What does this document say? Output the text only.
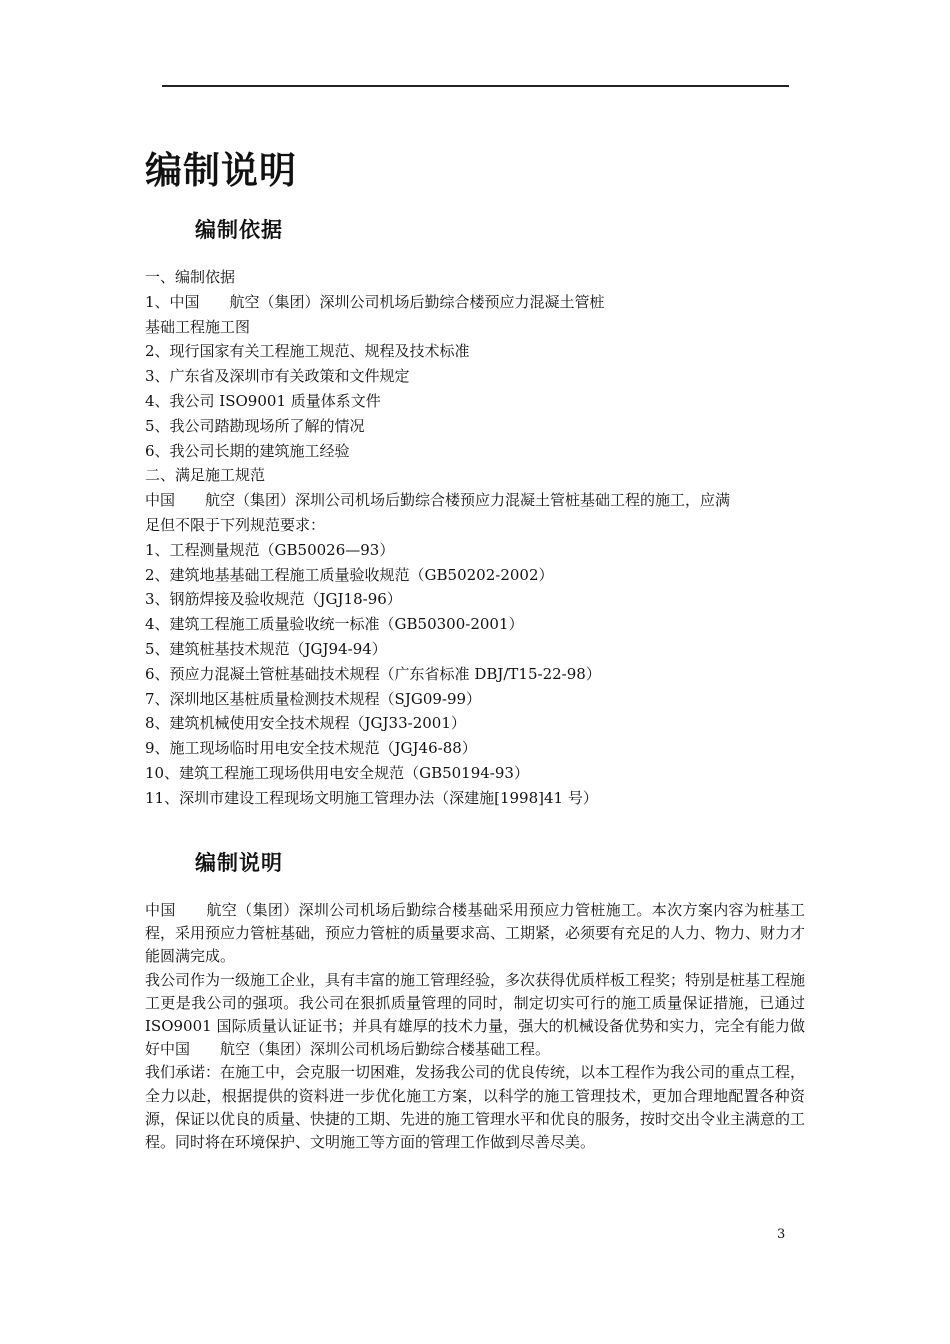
编制说明
编制依据
一、编制依据
1、中国　　航空（集团）深圳公司机场后勤综合楼预应力混凝土管桩
基础工程施工图
2、现行国家有关工程施工规范、规程及技术标准
3、广东省及深圳市有关政策和文件规定
4、我公司 ISO9001 质量体系文件
5、我公司踏勘现场所了解的情况
6、我公司长期的建筑施工经验
二、满足施工规范
中国　　航空（集团）深圳公司机场后勤综合楼预应力混凝土管桩基础工程的施工，应满
足但不限于下列规范要求：
1、工程测量规范（GB50026—93）
2、建筑地基基础工程施工质量验收规范（GB50202-2002）
3、钢筋焊接及验收规范（JGJ18-96）
4、建筑工程施工质量验收统一标准（GB50300-2001）
5、建筑桩基技术规范（JGJ94-94）
6、预应力混凝土管桩基础技术规程（广东省标准 DBJ/T15-22-98）
7、深圳地区基桩质量检测技术规程（SJG09-99）
8、建筑机械使用安全技术规程（JGJ33-2001）
9、施工现场临时用电安全技术规范（JGJ46-88）
10、建筑工程施工现场供用电安全规范（GB50194-93）
11、深圳市建设工程现场文明施工管理办法（深建施[1998]41 号）
编制说明

中国　　航空（集团）深圳公司机场后勤综合楼基础采用预应力管桩施工。本次方案内容为桩基工程，采用预应力管桩基础，预应力管桩的质量要求高、工期紧，必须要有充足的人力、物力、财力才能圆满完成。

我公司作为一级施工企业，具有丰富的施工管理经验，多次获得优质样板工程奖；特别是桩基工程施工更是我公司的强项。我公司在狠抓质量管理的同时，制定切实可行的施工质量保证措施，已通过 ISO9001 国际质量认证证书；并具有雄厚的技术力量，强大的机械设备优势和实力，完全有能力做好中国　　航空（集团）深圳公司机场后勤综合楼基础工程。

我们承诺：在施工中，会克服一切困难，发扬我公司的优良传统，以本工程作为我公司的重点工程，全力以赴，根据提供的资料进一步优化施工方案，以科学的施工管理技术，更加合理地配置各种资源，保证以优良的质量、快捷的工期、先进的施工管理水平和优良的服务，按时交出令业主满意的工程。同时将在环境保护、文明施工等方面的管理工作做到尽善尽美。

3
